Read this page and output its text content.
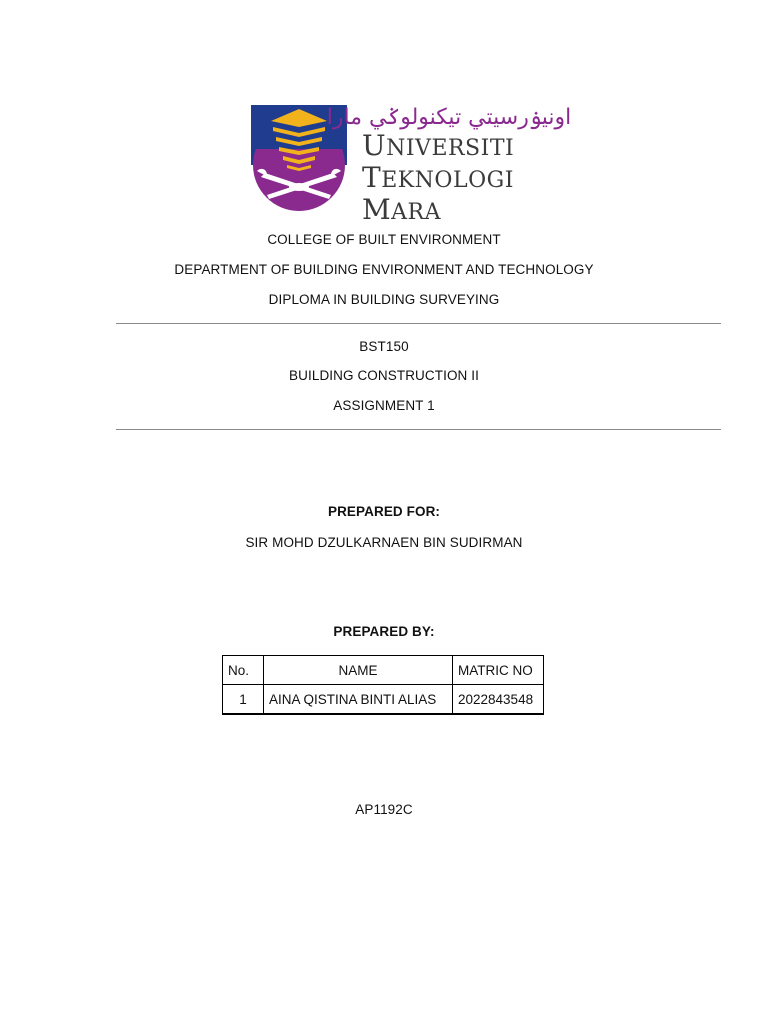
اونيۏرسيتي تيكنولوݢي مارا
UNIVERSITI
TEKNOLOGI
MARA
COLLEGE OF BUILT ENVIRONMENT
DEPARTMENT OF BUILDING ENVIRONMENT AND TECHNOLOGY
DIPLOMA IN BUILDING SURVEYING
BST150
BUILDING CONSTRUCTION II
ASSIGNMENT 1
PREPARED FOR:
SIR MOHD DZULKARNAEN BIN SUDIRMAN
PREPARED BY:
No.	NAME	MATRIC NO
1	AINA QISTINA BINTI ALIAS	2022843548
AP1192C
